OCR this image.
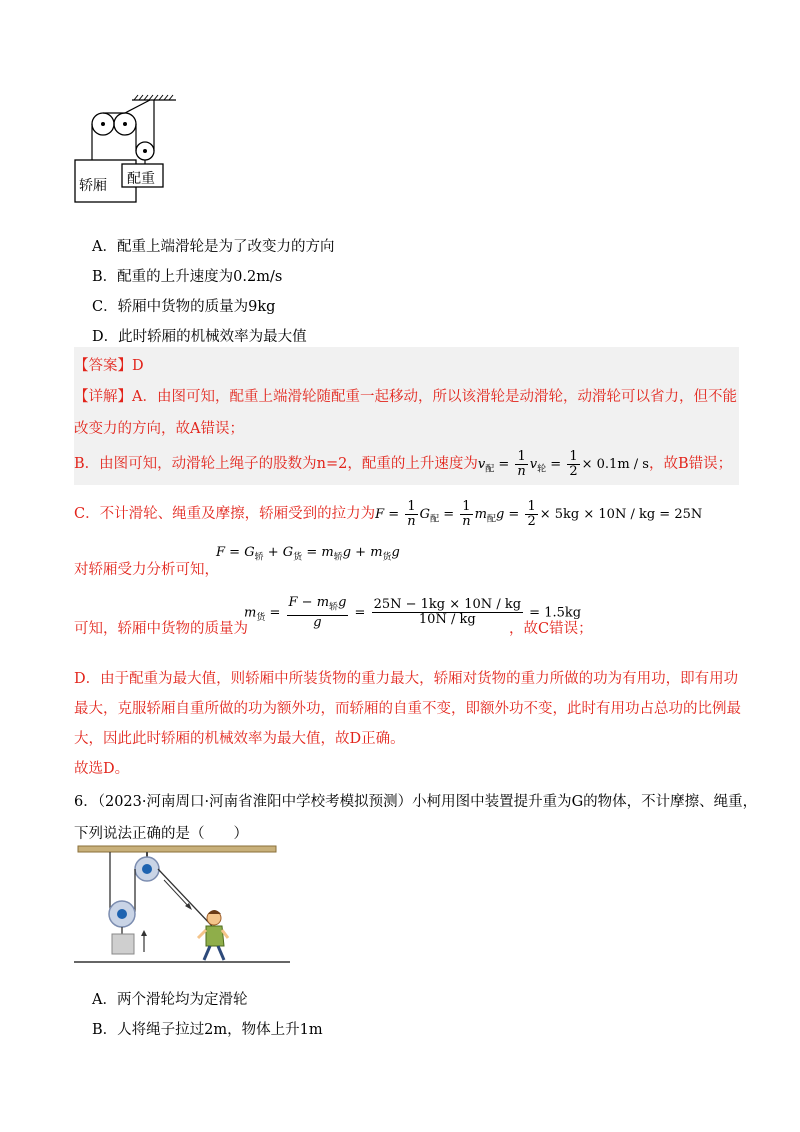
轿厢 配重
A．配重上端滑轮是为了改变力的方向
B．配重的上升速度为0.2m/s
C．轿厢中货物的质量为9kg
D．此时轿厢的机械效率为最大值
【答案】D
【详解】A．由图可知，配重上端滑轮随配重一起移动，所以该滑轮是动滑轮，动滑轮可以省力，但不能
改变力的方向，故A错误；
B．由图可知，动滑轮上绳子的股数为n=2，配重的上升速度为$v_配 = \frac{1}{n} v_轮 = \frac{1}{2} \times 0.1m / s$，故B错误；
C．不计滑轮、绳重及摩擦，轿厢受到的拉力为$F = \frac{1}{n} G_配 = \frac{1}{n} m_配g = \frac{1}{2} \times 5kg \times 10N$ / kg = 25N
$F = G_轿 + G_货 = m_轿g + m_货g$
对轿厢受力分析可知，
$m_货 = \frac{F - m_轿g}{g} = \frac{25N - 1kg \times 10N / kg}{10N / kg} = 1.5kg$
可知，轿厢中货物的质量为	，故C错误；
D．由于配重为最大值，则轿厢中所装货物的重力最大，轿厢对货物的重力所做的功为有用功，即有用功
最大，克服轿厢自重所做的功为额外功，而轿厢的自重不变，即额外功不变，此时有用功占总功的比例最
大，因此此时轿厢的机械效率为最大值，故D正确。
故选D。
6．（2023·河南周口·河南省淮阳中学校考模拟预测）小柯用图中装置提升重为G的物体，不计摩擦、绳重，
下列说法正确的是（　　）
A．两个滑轮均为定滑轮
B．人将绳子拉过2m，物体上升1m
